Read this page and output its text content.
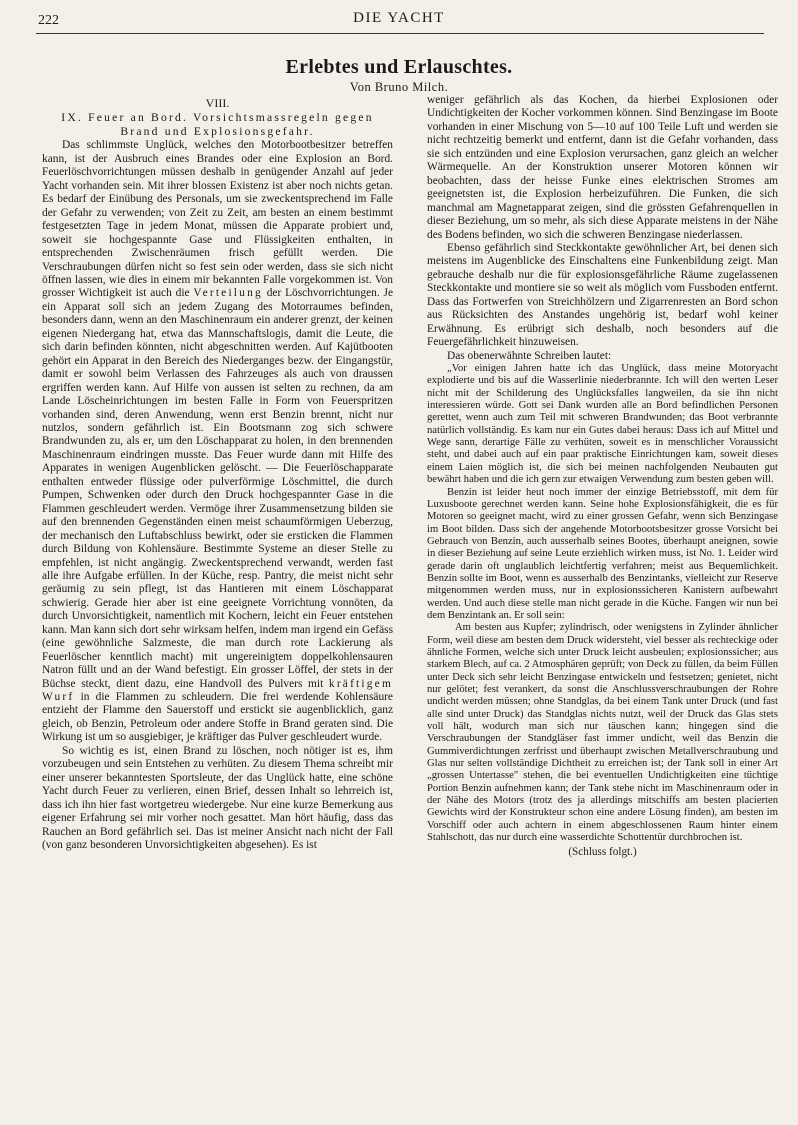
222	DIE YACHT
Erlebtes und Erlauschtes.
Von Bruno Milch.
VIII.
IX. Feuer an Bord. Vorsichtsmassregeln gegen
Brand und Explosionsgefahr.

Das schlimmste Unglück, welches den Motorbootbesitzer betreffen kann, ist der Ausbruch eines Brandes oder eine Explosion an Bord. Feuerlöschvorrichtungen müssen deshalb in genügender Anzahl auf jeder Yacht vorhanden sein. Mit ihrer blossen Existenz ist aber noch nichts getan. Es bedarf der Einübung des Personals, um sie zweckentsprechend im Falle der Gefahr zu verwenden; von Zeit zu Zeit, am besten an einem bestimmt festgesetzten Tage in jedem Monat, müssen die Apparate probiert und, soweit sie hochgespannte Gase und Flüssigkeiten enthalten, in entsprechenden Zwischenräumen frisch gefüllt werden. Die Verschraubungen dürfen nicht so fest sein oder werden, dass sie sich nicht öffnen lassen, wie dies in einem mir bekannten Falle vorgekommen ist. Von grosser Wichtigkeit ist auch die Verteilung der Löschvorrichtungen. Je ein Apparat soll sich an jedem Zugang des Motorraumes befinden, besonders dann, wenn an den Maschinenraum ein anderer grenzt, der keinen eigenen Niedergang hat, etwa das Mannschaftslogis, damit die Leute, die sich darin befinden könnten, nicht abgeschnitten werden. Auf Kajütbooten gehört ein Apparat in den Bereich des Niederganges bezw. der Eingangstür, damit er sowohl beim Verlassen des Fahrzeuges als auch von draussen ergriffen werden kann. Auf Hilfe von aussen ist selten zu rechnen, da am Lande Löscheinrichtungen im besten Falle in Form von Feuerspritzen vorhanden sind, deren Anwendung, wenn erst Benzin brennt, nicht nur nutzlos, sondern gefährlich ist. Ein Bootsmann zog sich schwere Brandwunden zu, als er, um den Löschapparat zu holen, in den brennenden Maschinenraum eindringen musste. Das Feuer wurde dann mit Hilfe des Apparates in wenigen Augenblicken gelöscht. — Die Feuerlöschapparate enthalten entweder flüssige oder pulverförmige Löschmittel, die durch Pumpen, Schwenken oder durch den Druck hochgespannter Gase in die Flammen geschleudert werden. Vermöge ihrer Zusammensetzung bilden sie auf den brennenden Gegenständen einen meist schaumförmigen Ueberzug, der mechanisch den Luftabschluss bewirkt, oder sie ersticken die Flammen durch Bildung von Kohlensäure. Bestimmte Systeme an dieser Stelle zu empfehlen, ist nicht angängig. Zweckentsprechend verwandt, werden fast alle ihre Aufgabe erfüllen. In der Küche, resp. Pantry, die meist nicht sehr geräumig zu sein pflegt, ist das Hantieren mit einem Löschapparat schwierig. Gerade hier aber ist eine geeignete Vorrichtung vonnöten, da durch Unvorsichtigkeit, namentlich mit Kochern, leicht ein Feuer entstehen kann. Man kann sich dort sehr wirksam helfen, indem man irgend ein Gefäss (eine gewöhnliche Salzmeste, die man durch rote Lackierung als Feuerlöscher kenntlich macht) mit ungereinigtem doppelkohlensauren Natron füllt und an der Wand befestigt. Ein grosser Löffel, der stets in der Büchse steckt, dient dazu, eine Handvoll des Pulvers mit kräftigem Wurf in die Flammen zu schleudern. Die frei werdende Kohlensäure entzieht der Flamme den Sauerstoff und erstickt sie augenblicklich, ganz gleich, ob Benzin, Petroleum oder andere Stoffe in Brand geraten sind. Die Wirkung ist um so ausgiebiger, je kräftiger das Pulver geschleudert wurde.

So wichtig es ist, einen Brand zu löschen, noch nötiger ist es, ihm vorzubeugen und sein Entstehen zu verhüten. Zu diesem Thema schreibt mir einer unserer bekanntesten Sportsleute, der das Unglück hatte, eine schöne Yacht durch Feuer zu verlieren, einen Brief, dessen Inhalt so lehrreich ist, dass ich ihn hier fast wortgetreu wiedergebe. Nur eine kurze Bemerkung aus eigener Erfahrung sei mir vorher noch gesattet. Man hört häufig, dass das Rauchen an Bord gefährlich sei. Das ist meiner Ansicht nach nicht der Fall (von ganz besonderen Unvorsichtigkeiten abgesehen). Es ist

weniger gefährlich als das Kochen, da hierbei Explosionen oder Undichtigkeiten der Kocher vorkommen können. Sind Benzingase im Boote vorhanden in einer Mischung von 5—10 auf 100 Teile Luft und werden sie nicht rechtzeitig bemerkt und entfernt, dann ist die Gefahr vorhanden, dass sie sich entzünden und eine Explosion verursachen, ganz gleich an welcher Wärmequelle. An der Konstruktion unserer Motoren können wir beobachten, dass der heisse Funke eines elektrischen Stromes am geeignetsten ist, die Explosion herbeizuführen. Die Funken, die sich manchmal am Magnetapparat zeigen, sind die grössten Gefahrenquellen in dieser Beziehung, um so mehr, als sich diese Apparate meistens in der Nähe des Bodens befinden, wo sich die schweren Benzingase niederlassen.

Ebenso gefährlich sind Steckkontakte gewöhnlicher Art, bei denen sich meistens im Augenblicke des Einschaltens eine Funkenbildung zeigt. Man gebrauche deshalb nur die für explosionsgefährliche Räume zugelassenen Steckkontakte und montiere sie so weit als möglich vom Fussboden entfernt. Dass das Fortwerfen von Streichhölzern und Zigarrenresten an Bord schon aus Rücksichten des Anstandes ungehörig ist, bedarf wohl keiner Erwähnung. Es erübrigt sich deshalb, noch besonders auf die Feuergefährlichkeit hinzuweisen.

Das obenerwähnte Schreiben lautet:

„Vor einigen Jahren hatte ich das Unglück, dass meine Motoryacht explodierte und bis auf die Wasserlinie niederbrannte. Ich will den werten Leser nicht mit der Schilderung des Unglücksfalles langweilen, da sie ihn nicht interessieren würde. Gott sei Dank wurden alle an Bord befindlichen Personen gerettet, wenn auch zum Teil mit schweren Brandwunden; das Boot verbrannte natürlich vollständig. Es kam nur ein Gutes dabei heraus: Dass ich auf Mittel und Wege sann, derartige Fälle zu verhüten, soweit es in menschlicher Voraussicht steht, und dabei auch auf ein paar praktische Einrichtungen kam, soweit dieses einem Laien möglich ist, die sich bei meinen nachfolgenden Neubauten gut bewährt haben und die ich gern zur etwaigen Verwendung zum besten geben will.

Benzin ist leider heut noch immer der einzige Betriebsstoff, mit dem für Luxusboote gerechnet werden kann. Seine hohe Explosionsfähigkeit, die es für Motoren so geeignet macht, wird zu einer grossen Gefahr, wenn sich Benzingase im Boot bilden. Dass sich der angehende Motorbootsbesitzer grosse Vorsicht bei Gebrauch von Benzin, auch ausserhalb seines Bootes, überhaupt aneignen, sowie in dieser Beziehung auf seine Leute erziehlich wirken muss, ist No. 1. Leider wird gerade darin oft unglaublich leichtfertig verfahren; meist aus Bequemlichkeit. Benzin sollte im Boot, wenn es ausserhalb des Benzintanks, vielleicht zur Reserve mitgenommen werden muss, nur in explosionssicheren Kanistern aufbewahrt werden. Und auch diese stelle man nicht gerade in die Küche. Fangen wir nun bei dem Benzintank an. Er soll sein:

Am besten aus Kupfer; zylindrisch, oder wenigstens in Zylinder ähnlicher Form, weil diese am besten dem Druck widersteht, viel besser als rechteckige oder ähnliche Formen, welche sich unter Druck leicht ausbeulen; explosionssicher; aus starkem Blech, auf ca. 2 Atmosphären geprüft; von Deck zu füllen, da beim Füllen unter Deck sich sehr leicht Benzingase entwickeln und festsetzen; genietet, nicht nur gelötet; fest verankert, da sonst die Anschlussverschraubungen der Rohre undicht werden müssen; ohne Standglas, da bei einem Tank unter Druck (und fast alle sind unter Druck) das Standglas nichts nutzt, weil der Druck das Glas stets voll hält, wodurch man sich nur täuschen kann; hingegen sind die Verschraubungen der Standgläser fast immer undicht, weil das Benzin die Gummiverdichtungen zerfrisst und überhaupt zwischen Metallverschraubung und Glas nur selten vollständige Dichtheit zu erreichen ist; der Tank soll in einer Art „grossen Untertasse" stehen, die bei eventuellen Undichtigkeiten eine tüchtige Portion Benzin aufnehmen kann; der Tank stehe nicht im Maschinenraum oder in der Nähe des Motors (trotz des ja allerdings mitschiffs am besten placierten Gewichts wird der Konstrukteur schon eine andere Lösung finden), am besten im Vorschiff oder auch achtern in einem abgeschlossenen Raum hinter einem Stahlschott, das nur durch eine wasserdichte Schottentür durchbrochen ist.

(Schluss folgt.)
